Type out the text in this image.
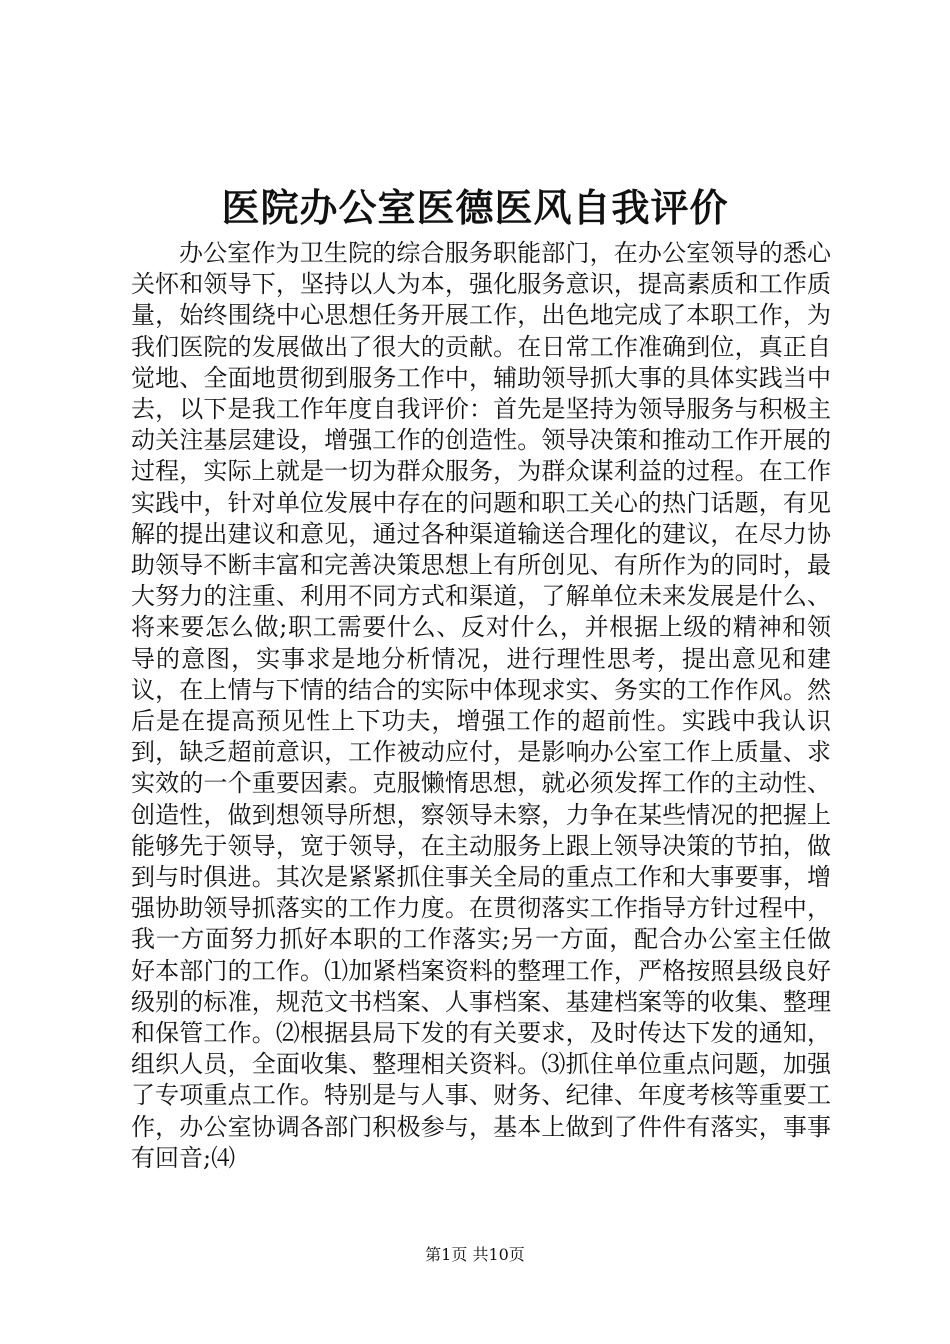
医院办公室医德医风自我评价

办公室作为卫生院的综合服务职能部门，在办公室领导的悉心关怀和领导下，坚持以人为本，强化服务意识，提高素质和工作质量，始终围绕中心思想任务开展工作，出色地完成了本职工作，为我们医院的发展做出了很大的贡献。在日常工作准确到位，真正自觉地、全面地贯彻到服务工作中，辅助领导抓大事的具体实践当中去，以下是我工作年度自我评价：首先是坚持为领导服务与积极主动关注基层建设，增强工作的创造性。领导决策和推动工作开展的过程，实际上就是一切为群众服务，为群众谋利益的过程。在工作实践中，针对单位发展中存在的问题和职工关心的热门话题，有见解的提出建议和意见，通过各种渠道输送合理化的建议，在尽力协助领导不断丰富和完善决策思想上有所创见、有所作为的同时，最大努力的注重、利用不同方式和渠道，了解单位未来发展是什么、将来要怎么做;职工需要什么、反对什么，并根据上级的精神和领导的意图，实事求是地分析情况，进行理性思考，提出意见和建议，在上情与下情的结合的实际中体现求实、务实的工作作风。然后是在提高预见性上下功夫，增强工作的超前性。实践中我认识到，缺乏超前意识，工作被动应付，是影响办公室工作上质量、求实效的一个重要因素。克服懒惰思想，就必须发挥工作的主动性、创造性，做到想领导所想，察领导未察，力争在某些情况的把握上能够先于领导，宽于领导，在主动服务上跟上领导决策的节拍，做到与时俱进。其次是紧紧抓住事关全局的重点工作和大事要事，增强协助领导抓落实的工作力度。在贯彻落实工作指导方针过程中，我一方面努力抓好本职的工作落实;另一方面，配合办公室主任做好本部门的工作。⑴加紧档案资料的整理工作，严格按照县级良好级别的标准，规范文书档案、人事档案、基建档案等的收集、整理和保管工作。⑵根据县局下发的有关要求，及时传达下发的通知，组织人员，全面收集、整理相关资料。⑶抓住单位重点问题，加强了专项重点工作。特别是与人事、财务、纪律、年度考核等重要工作，办公室协调各部门积极参与，基本上做到了件件有落实，事事有回音;⑷

第1页 共10页
